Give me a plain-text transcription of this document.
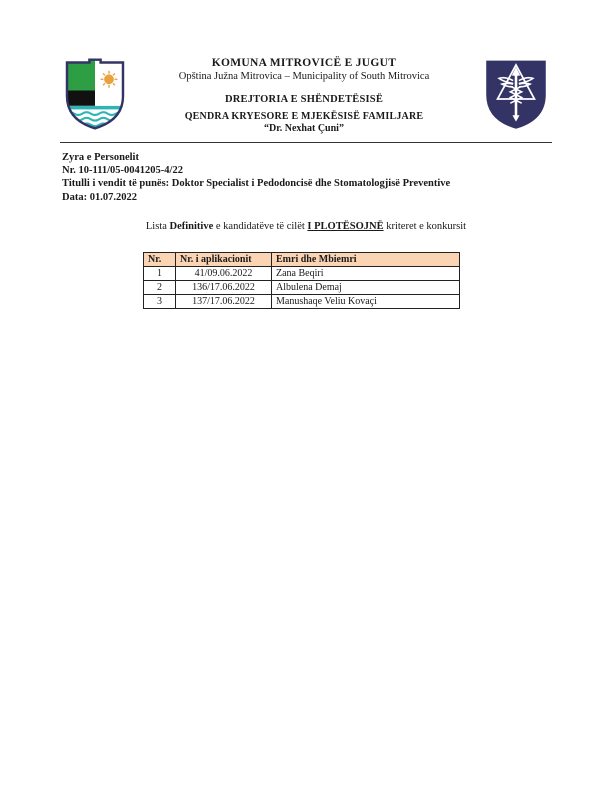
KOMUNA MITROVICË E JUGUT
Opština Južna Mitrovica – Municipality of South Mitrovica
DREJTORIA E SHËNDETËSISË
QENDRA KRYESORE E MJEKËSISË FAMILJARE
“Dr. Nexhat Çuni”
Zyra e Personelit
Nr. 10-111/05-0041205-4/22
Titulli i vendit të punës: Doktor Specialist i Pedodoncisë dhe Stomatologjisë Preventive
Data: 01.07.2022
Lista Definitive e kandidatëve të cilët I PLOTËSOJNË kriteret e konkursit
Nr.	Nr. i aplikacionit	Emri dhe Mbiemri
1	41/09.06.2022	Zana Beqiri
2	136/17.06.2022	Albulena Demaj
3	137/17.06.2022	Manushaqe Veliu Kovaçi
